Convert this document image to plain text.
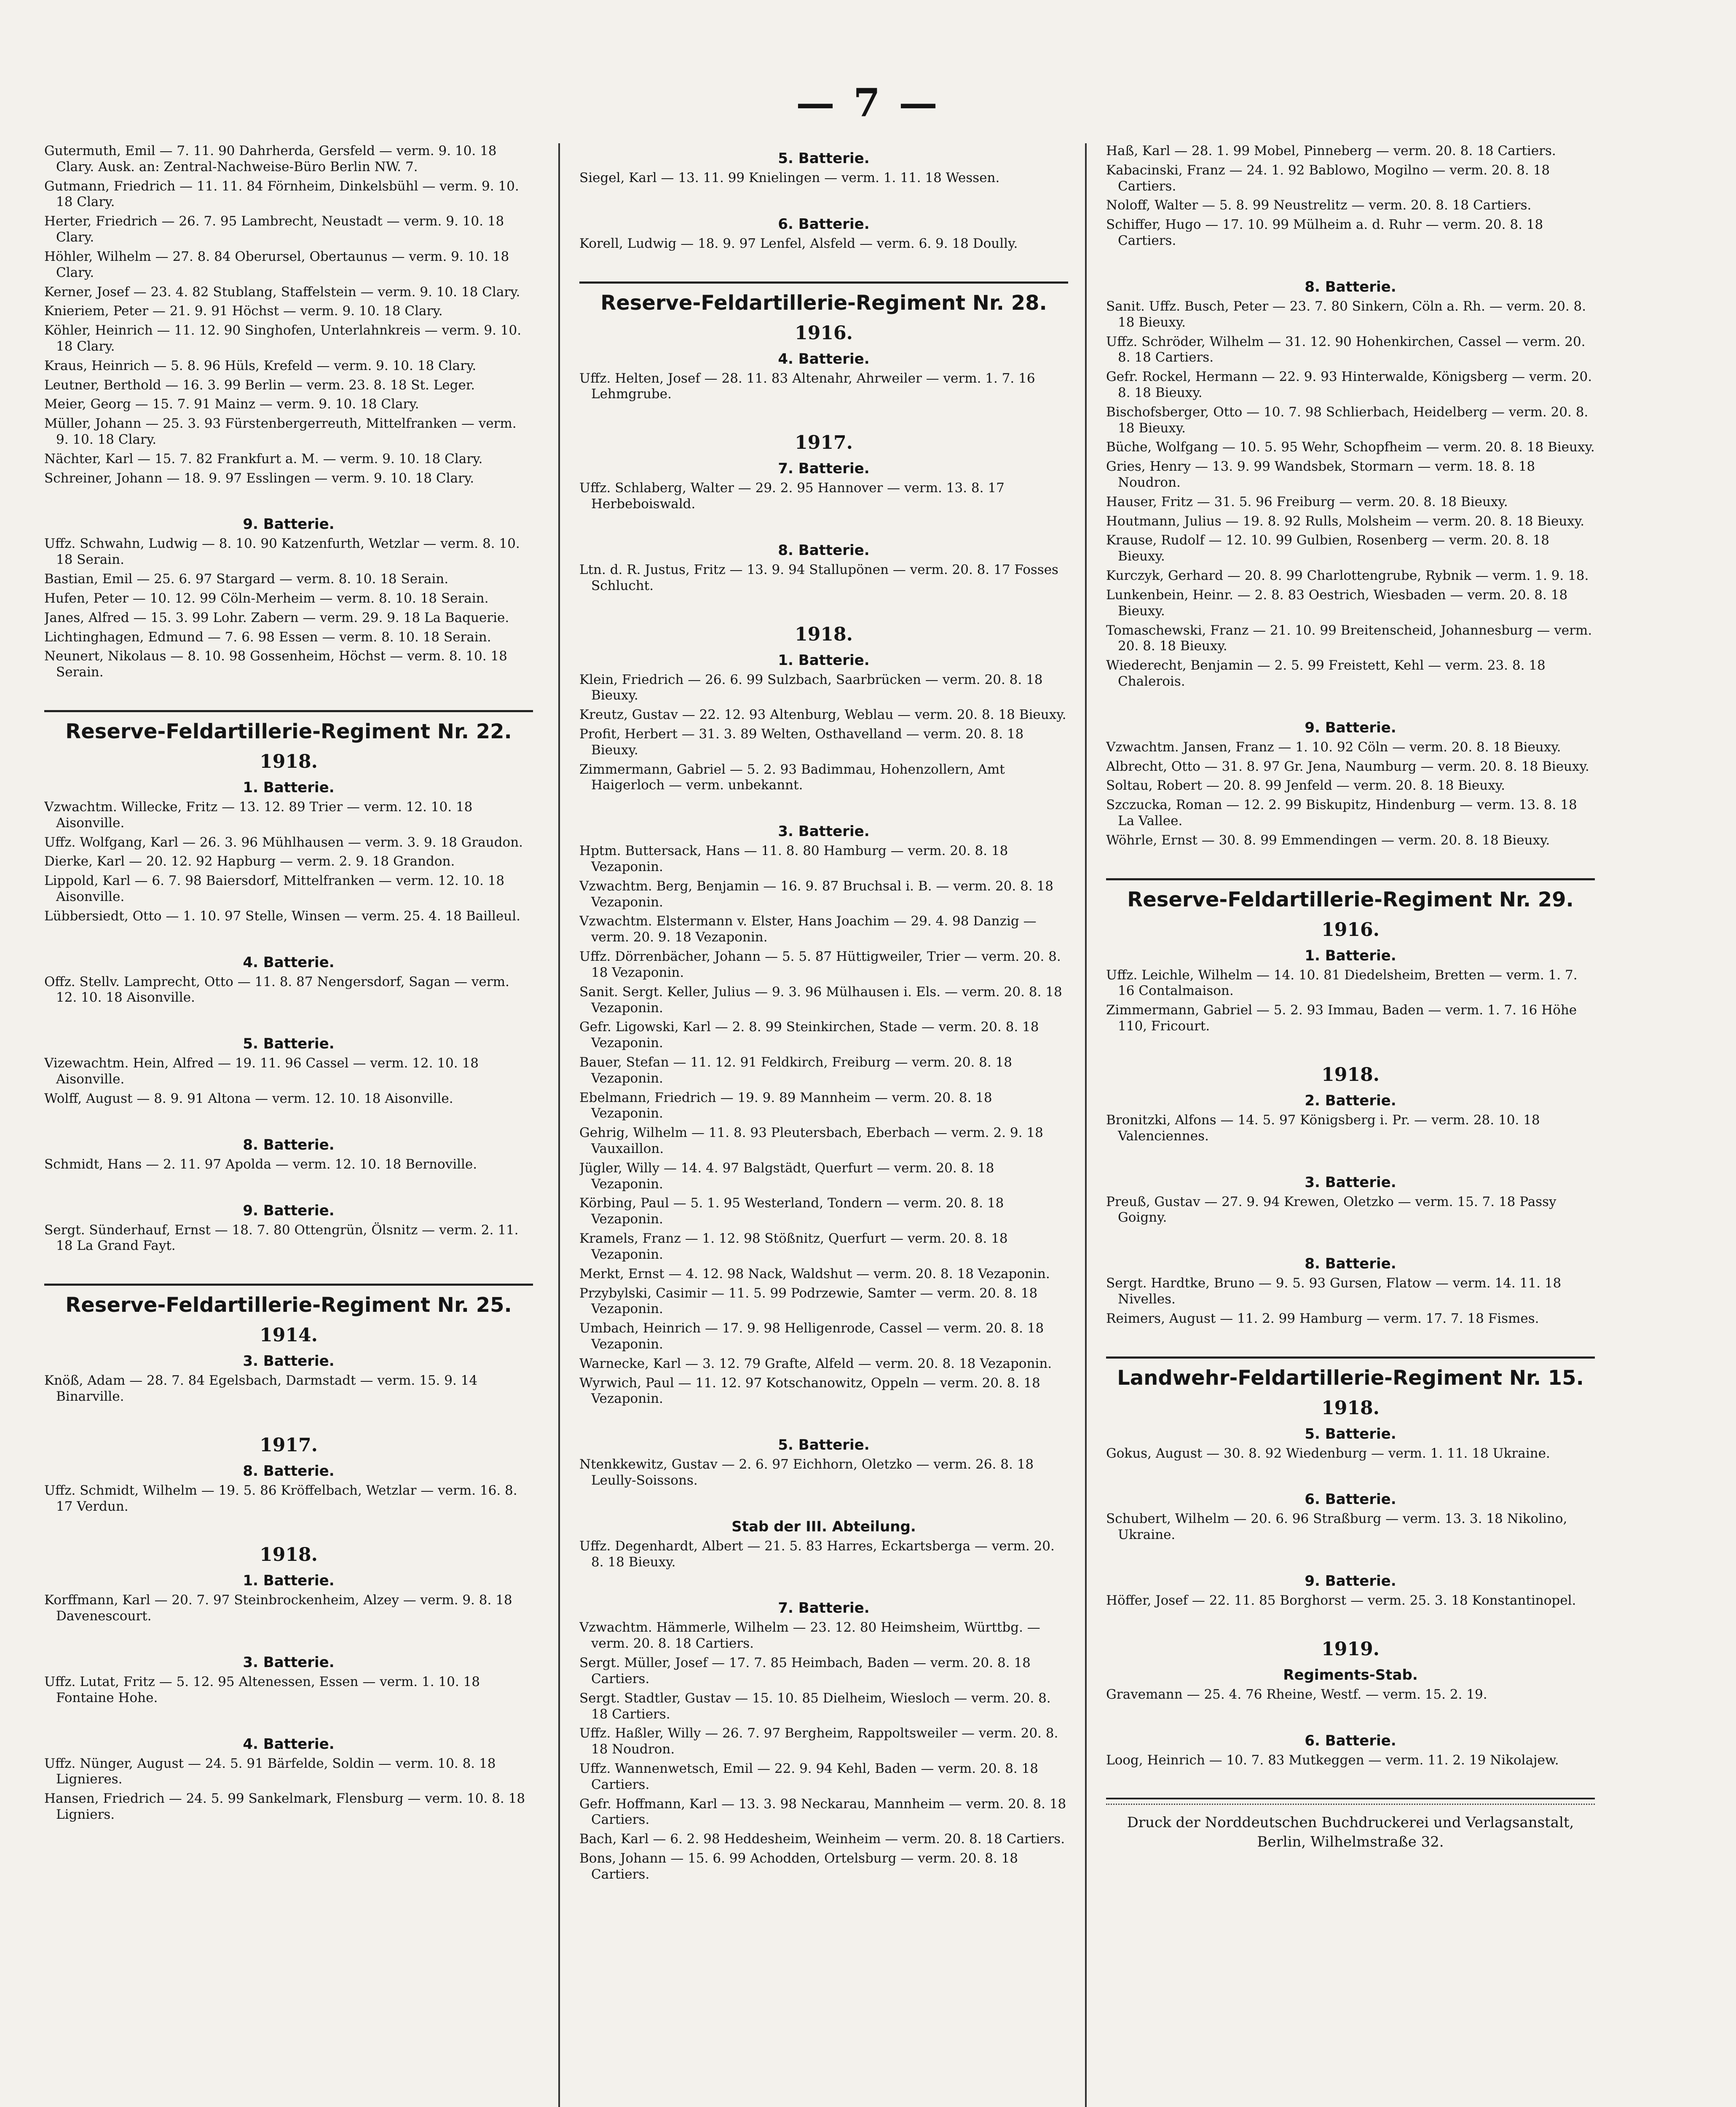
— 7 —

Gutermuth, Emil — 7. 11. 90 Dahrherda, Gersfeld — verm. 9. 10. 18 Clary. Ausk. an: Zentral-Nachweise-Büro Berlin NW. 7.

Gutmann, Friedrich — 11. 11. 84 Förnheim, Dinkelsbühl — verm. 9. 10. 18 Clary.

Herter, Friedrich — 26. 7. 95 Lambrecht, Neustadt — verm. 9. 10. 18 Clary.

Höhler, Wilhelm — 27. 8. 84 Oberursel, Obertaunus — verm. 9. 10. 18 Clary.

Kerner, Josef — 23. 4. 82 Stublang, Staffelstein — verm. 9. 10. 18 Clary.

Knieriem, Peter — 21. 9. 91 Höchst — verm. 9. 10. 18 Clary.

Köhler, Heinrich — 11. 12. 90 Singhofen, Unterlahnkreis — verm. 9. 10. 18 Clary.

Kraus, Heinrich — 5. 8. 96 Hüls, Krefeld — verm. 9. 10. 18 Clary.

Leutner, Berthold — 16. 3. 99 Berlin — verm. 23. 8. 18 St. Leger.

Meier, Georg — 15. 7. 91 Mainz — verm. 9. 10. 18 Clary.

Müller, Johann — 25. 3. 93 Fürstenbergerreuth, Mittelfranken — verm. 9. 10. 18 Clary.

Nächter, Karl — 15. 7. 82 Frankfurt a. M. — verm. 9. 10. 18 Clary.

Schreiner, Johann — 18. 9. 97 Esslingen — verm. 9. 10. 18 Clary.

9. Batterie.

Uffz. Schwahn, Ludwig — 8. 10. 90 Katzenfurth, Wetzlar — verm. 8. 10. 18 Serain.

Bastian, Emil — 25. 6. 97 Stargard — verm. 8. 10. 18 Serain.

Hufen, Peter — 10. 12. 99 Cöln-Merheim — verm. 8. 10. 18 Serain.

Janes, Alfred — 15. 3. 99 Lohr. Zabern — verm. 29. 9. 18 La Baquerie.

Lichtinghagen, Edmund — 7. 6. 98 Essen — verm. 8. 10. 18 Serain.

Neunert, Nikolaus — 8. 10. 98 Gossenheim, Höchst — verm. 8. 10. 18 Serain.

Reserve-Feldartillerie-Regiment Nr. 22.
1918.
1. Batterie.

Vzwachtm. Willecke, Fritz — 13. 12. 89 Trier — verm. 12. 10. 18 Aisonville.

Uffz. Wolfgang, Karl — 26. 3. 96 Mühlhausen — verm. 3. 9. 18 Graudon.

Dierke, Karl — 20. 12. 92 Hapburg — verm. 2. 9. 18 Grandon.

Lippold, Karl — 6. 7. 98 Baiersdorf, Mittelfranken — verm. 12. 10. 18 Aisonville.

Lübbersiedt, Otto — 1. 10. 97 Stelle, Winsen — verm. 25. 4. 18 Bailleul.

4. Batterie.

Offz. Stellv. Lamprecht, Otto — 11. 8. 87 Nengersdorf, Sagan — verm. 12. 10. 18 Aisonville.

5. Batterie.

Vizewachtm. Hein, Alfred — 19. 11. 96 Cassel — verm. 12. 10. 18 Aisonville.

Wolff, August — 8. 9. 91 Altona — verm. 12. 10. 18 Aisonville.

8. Batterie.

Schmidt, Hans — 2. 11. 97 Apolda — verm. 12. 10. 18 Bernoville.

9. Batterie.

Sergt. Sünderhauf, Ernst — 18. 7. 80 Ottengrün, Ölsnitz — verm. 2. 11. 18 La Grand Fayt.

Reserve-Feldartillerie-Regiment Nr. 25.
1914.
3. Batterie.

Knöß, Adam — 28. 7. 84 Egelsbach, Darmstadt — verm. 15. 9. 14 Binarville.

1917.
8. Batterie.

Uffz. Schmidt, Wilhelm — 19. 5. 86 Kröffelbach, Wetzlar — verm. 16. 8. 17 Verdun.

1918.
1. Batterie.

Korffmann, Karl — 20. 7. 97 Steinbrockenheim, Alzey — verm. 9. 8. 18 Davenescourt.

3. Batterie.

Uffz. Lutat, Fritz — 5. 12. 95 Altenessen, Essen — verm. 1. 10. 18 Fontaine Hohe.

4. Batterie.

Uffz. Nünger, August — 24. 5. 91 Bärfelde, Soldin — verm. 10. 8. 18 Lignieres.

Hansen, Friedrich — 24. 5. 99 Sankelmark, Flensburg — verm. 10. 8. 18 Ligniers.

5. Batterie.

Siegel, Karl — 13. 11. 99 Knielingen — verm. 1. 11. 18 Wessen.

6. Batterie.

Korell, Ludwig — 18. 9. 97 Lenfel, Alsfeld — verm. 6. 9. 18 Doully.

Reserve-Feldartillerie-Regiment Nr. 28.
1916.
4. Batterie.

Uffz. Helten, Josef — 28. 11. 83 Altenahr, Ahrweiler — verm. 1. 7. 16 Lehmgrube.

1917.
7. Batterie.

Uffz. Schlaberg, Walter — 29. 2. 95 Hannover — verm. 13. 8. 17 Herbeboiswald.

8. Batterie.

Ltn. d. R. Justus, Fritz — 13. 9. 94 Stallupönen — verm. 20. 8. 17 Fosses Schlucht.

1918.
1. Batterie.

Klein, Friedrich — 26. 6. 99 Sulzbach, Saarbrücken — verm. 20. 8. 18 Bieuxy.

Kreutz, Gustav — 22. 12. 93 Altenburg, Weblau — verm. 20. 8. 18 Bieuxy.

Profit, Herbert — 31. 3. 89 Welten, Osthavelland — verm. 20. 8. 18 Bieuxy.

Zimmermann, Gabriel — 5. 2. 93 Badimmau, Hohenzollern, Amt Haigerloch — verm. unbekannt.

3. Batterie.

Hptm. Buttersack, Hans — 11. 8. 80 Hamburg — verm. 20. 8. 18 Vezaponin.

Vzwachtm. Berg, Benjamin — 16. 9. 87 Bruchsal i. B. — verm. 20. 8. 18 Vezaponin.

Vzwachtm. Elstermann v. Elster, Hans Joachim — 29. 4. 98 Danzig — verm. 20. 9. 18 Vezaponin.

Uffz. Dörrenbächer, Johann — 5. 5. 87 Hüttigweiler, Trier — verm. 20. 8. 18 Vezaponin.

Sanit. Sergt. Keller, Julius — 9. 3. 96 Mülhausen i. Els. — verm. 20. 8. 18 Vezaponin.

Gefr. Ligowski, Karl — 2. 8. 99 Steinkirchen, Stade — verm. 20. 8. 18 Vezaponin.

Bauer, Stefan — 11. 12. 91 Feldkirch, Freiburg — verm. 20. 8. 18 Vezaponin.

Ebelmann, Friedrich — 19. 9. 89 Mannheim — verm. 20. 8. 18 Vezaponin.

Gehrig, Wilhelm — 11. 8. 93 Pleutersbach, Eberbach — verm. 2. 9. 18 Vauxaillon.

Jügler, Willy — 14. 4. 97 Balgstädt, Querfurt — verm. 20. 8. 18 Vezaponin.

Körbing, Paul — 5. 1. 95 Westerland, Tondern — verm. 20. 8. 18 Vezaponin.

Kramels, Franz — 1. 12. 98 Stößnitz, Querfurt — verm. 20. 8. 18 Vezaponin.

Merkt, Ernst — 4. 12. 98 Nack, Waldshut — verm. 20. 8. 18 Vezaponin.

Przybylski, Casimir — 11. 5. 99 Podrzewie, Samter — verm. 20. 8. 18 Vezaponin.

Umbach, Heinrich — 17. 9. 98 Helligenrode, Cassel — verm. 20. 8. 18 Vezaponin.

Warnecke, Karl — 3. 12. 79 Grafte, Alfeld — verm. 20. 8. 18 Vezaponin.

Wyrwich, Paul — 11. 12. 97 Kotschanowitz, Oppeln — verm. 20. 8. 18 Vezaponin.

5. Batterie.

Ntenkkewitz, Gustav — 2. 6. 97 Eichhorn, Oletzko — verm. 26. 8. 18 Leully-Soissons.

Stab der III. Abteilung.

Uffz. Degenhardt, Albert — 21. 5. 83 Harres, Eckartsberga — verm. 20. 8. 18 Bieuxy.

7. Batterie.

Vzwachtm. Hämmerle, Wilhelm — 23. 12. 80 Heimsheim, Württbg. — verm. 20. 8. 18 Cartiers.

Sergt. Müller, Josef — 17. 7. 85 Heimbach, Baden — verm. 20. 8. 18 Cartiers.

Sergt. Stadtler, Gustav — 15. 10. 85 Dielheim, Wiesloch — verm. 20. 8. 18 Cartiers.

Uffz. Haßler, Willy — 26. 7. 97 Bergheim, Rappoltsweiler — verm. 20. 8. 18 Noudron.

Uffz. Wannenwetsch, Emil — 22. 9. 94 Kehl, Baden — verm. 20. 8. 18 Cartiers.

Gefr. Hoffmann, Karl — 13. 3. 98 Neckarau, Mannheim — verm. 20. 8. 18 Cartiers.

Bach, Karl — 6. 2. 98 Heddesheim, Weinheim — verm. 20. 8. 18 Cartiers.

Bons, Johann — 15. 6. 99 Achodden, Ortelsburg — verm. 20. 8. 18 Cartiers.

Haß, Karl — 28. 1. 99 Mobel, Pinneberg — verm. 20. 8. 18 Cartiers.

Kabacinski, Franz — 24. 1. 92 Bablowo, Mogilno — verm. 20. 8. 18 Cartiers.

Noloff, Walter — 5. 8. 99 Neustrelitz — verm. 20. 8. 18 Cartiers.

Schiffer, Hugo — 17. 10. 99 Mülheim a. d. Ruhr — verm. 20. 8. 18 Cartiers.

8. Batterie.

Sanit. Uffz. Busch, Peter — 23. 7. 80 Sinkern, Cöln a. Rh. — verm. 20. 8. 18 Bieuxy.

Uffz. Schröder, Wilhelm — 31. 12. 90 Hohenkirchen, Cassel — verm. 20. 8. 18 Cartiers.

Gefr. Rockel, Hermann — 22. 9. 93 Hinterwalde, Königsberg — verm. 20. 8. 18 Bieuxy.

Bischofsberger, Otto — 10. 7. 98 Schlierbach, Heidelberg — verm. 20. 8. 18 Bieuxy.

Büche, Wolfgang — 10. 5. 95 Wehr, Schopfheim — verm. 20. 8. 18 Bieuxy.

Gries, Henry — 13. 9. 99 Wandsbek, Stormarn — verm. 18. 8. 18 Noudron.

Hauser, Fritz — 31. 5. 96 Freiburg — verm. 20. 8. 18 Bieuxy.

Houtmann, Julius — 19. 8. 92 Rulls, Molsheim — verm. 20. 8. 18 Bieuxy.

Krause, Rudolf — 12. 10. 99 Gulbien, Rosenberg — verm. 20. 8. 18 Bieuxy.

Kurczyk, Gerhard — 20. 8. 99 Charlottengrube, Rybnik — verm. 1. 9. 18.

Lunkenbein, Heinr. — 2. 8. 83 Oestrich, Wiesbaden — verm. 20. 8. 18 Bieuxy.

Tomaschewski, Franz — 21. 10. 99 Breitenscheid, Johannesburg — verm. 20. 8. 18 Bieuxy.

Wiederecht, Benjamin — 2. 5. 99 Freistett, Kehl — verm. 23. 8. 18 Chalerois.

9. Batterie.

Vzwachtm. Jansen, Franz — 1. 10. 92 Cöln — verm. 20. 8. 18 Bieuxy.

Albrecht, Otto — 31. 8. 97 Gr. Jena, Naumburg — verm. 20. 8. 18 Bieuxy.

Soltau, Robert — 20. 8. 99 Jenfeld — verm. 20. 8. 18 Bieuxy.

Szczucka, Roman — 12. 2. 99 Biskupitz, Hindenburg — verm. 13. 8. 18 La Vallee.

Wöhrle, Ernst — 30. 8. 99 Emmendingen — verm. 20. 8. 18 Bieuxy.

Reserve-Feldartillerie-Regiment Nr. 29.
1916.
1. Batterie.

Uffz. Leichle, Wilhelm — 14. 10. 81 Diedelsheim, Bretten — verm. 1. 7. 16 Contalmaison.

Zimmermann, Gabriel — 5. 2. 93 Immau, Baden — verm. 1. 7. 16 Höhe 110, Fricourt.

1918.
2. Batterie.

Bronitzki, Alfons — 14. 5. 97 Königsberg i. Pr. — verm. 28. 10. 18 Valenciennes.

3. Batterie.

Preuß, Gustav — 27. 9. 94 Krewen, Oletzko — verm. 15. 7. 18 Passy Goigny.

8. Batterie.

Sergt. Hardtke, Bruno — 9. 5. 93 Gursen, Flatow — verm. 14. 11. 18 Nivelles.

Reimers, August — 11. 2. 99 Hamburg — verm. 17. 7. 18 Fismes.

Landwehr-Feldartillerie-Regiment Nr. 15.
1918.
5. Batterie.

Gokus, August — 30. 8. 92 Wiedenburg — verm. 1. 11. 18 Ukraine.

6. Batterie.

Schubert, Wilhelm — 20. 6. 96 Straßburg — verm. 13. 3. 18 Nikolino, Ukraine.

9. Batterie.

Höffer, Josef — 22. 11. 85 Borghorst — verm. 25. 3. 18 Konstantinopel.

1919.
Regiments-Stab.

Gravemann — 25. 4. 76 Rheine, Westf. — verm. 15. 2. 19.

6. Batterie.

Loog, Heinrich — 10. 7. 83 Mutkeggen — verm. 11. 2. 19 Nikolajew.

Druck der Norddeutschen Buchdruckerei und Verlagsanstalt, Berlin, Wilhelmstraße 32.
